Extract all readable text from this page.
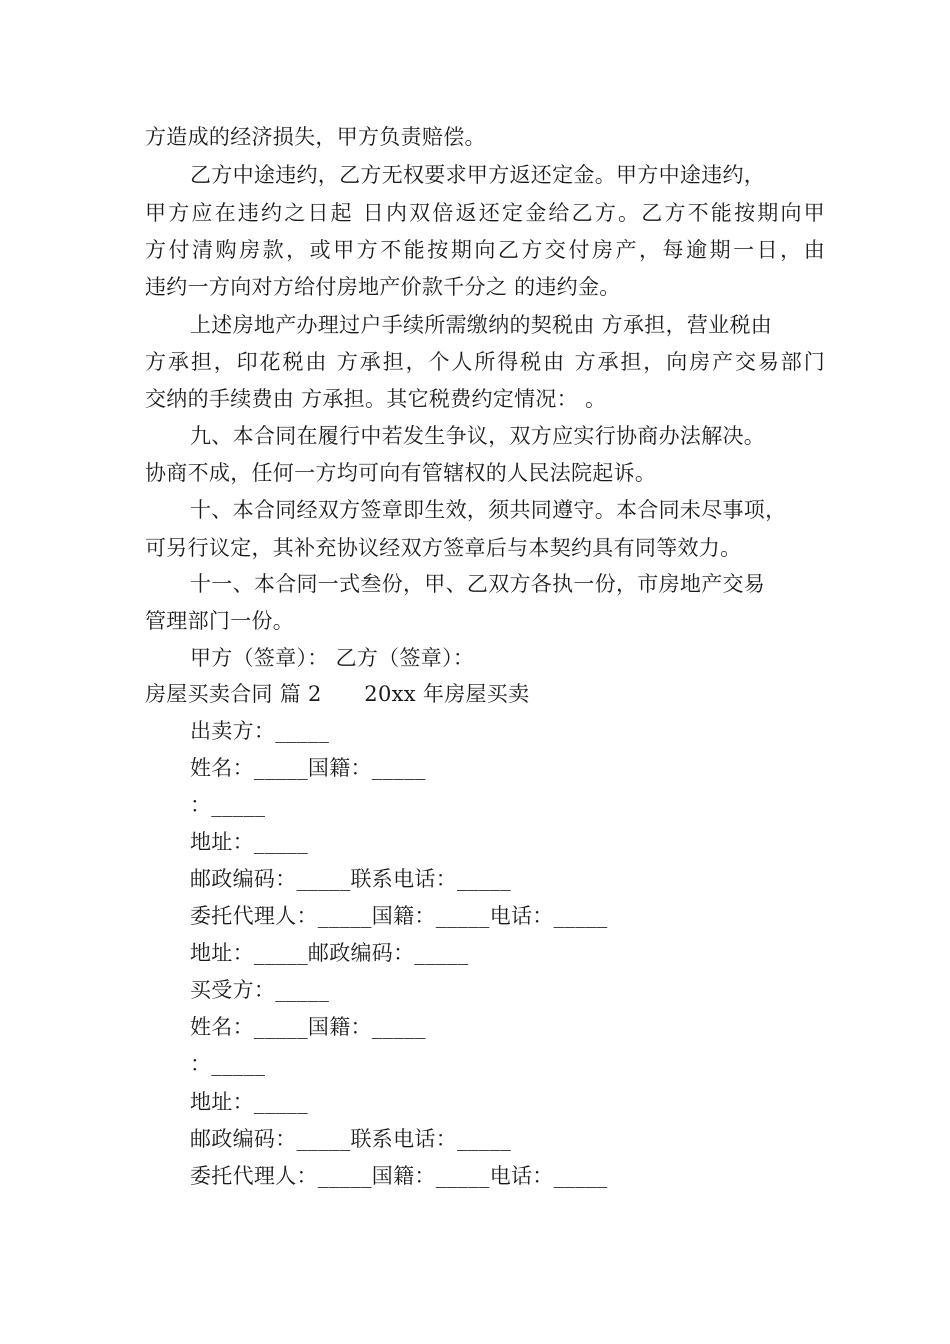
方造成的经济损失，甲方负责赔偿。
乙方中途违约，乙方无权要求甲方返还定金。甲方中途违约，
甲方应在违约之日起 日内双倍返还定金给乙方。乙方不能按期向甲
方付清购房款，或甲方不能按期向乙方交付房产，每逾期一日，由
违约一方向对方给付房地产价款千分之 的违约金。
上述房地产办理过户手续所需缴纳的契税由 方承担，营业税由
方承担，印花税由 方承担，个人所得税由 方承担，向房产交易部门
交纳的手续费由 方承担。其它税费约定情况： 。
九、本合同在履行中若发生争议，双方应实行协商办法解决。
协商不成，任何一方均可向有管辖权的人民法院起诉。
十、本合同经双方签章即生效，须共同遵守。本合同未尽事项，
可另行议定，其补充协议经双方签章后与本契约具有同等效力。
十一、本合同一式叁份，甲、乙双方各执一份，市房地产交易
管理部门一份。
甲方（签章）： 乙方（签章）：
房屋买卖合同 篇 2　　20xx 年房屋买卖
出卖方：_____
姓名：_____国籍：_____
：_____
地址：_____
邮政编码：_____联系电话：_____
委托代理人：_____国籍：_____电话：_____
地址：_____邮政编码：_____
买受方：_____
姓名：_____国籍：_____
：_____
地址：_____
邮政编码：_____联系电话：_____
委托代理人：_____国籍：_____电话：_____
